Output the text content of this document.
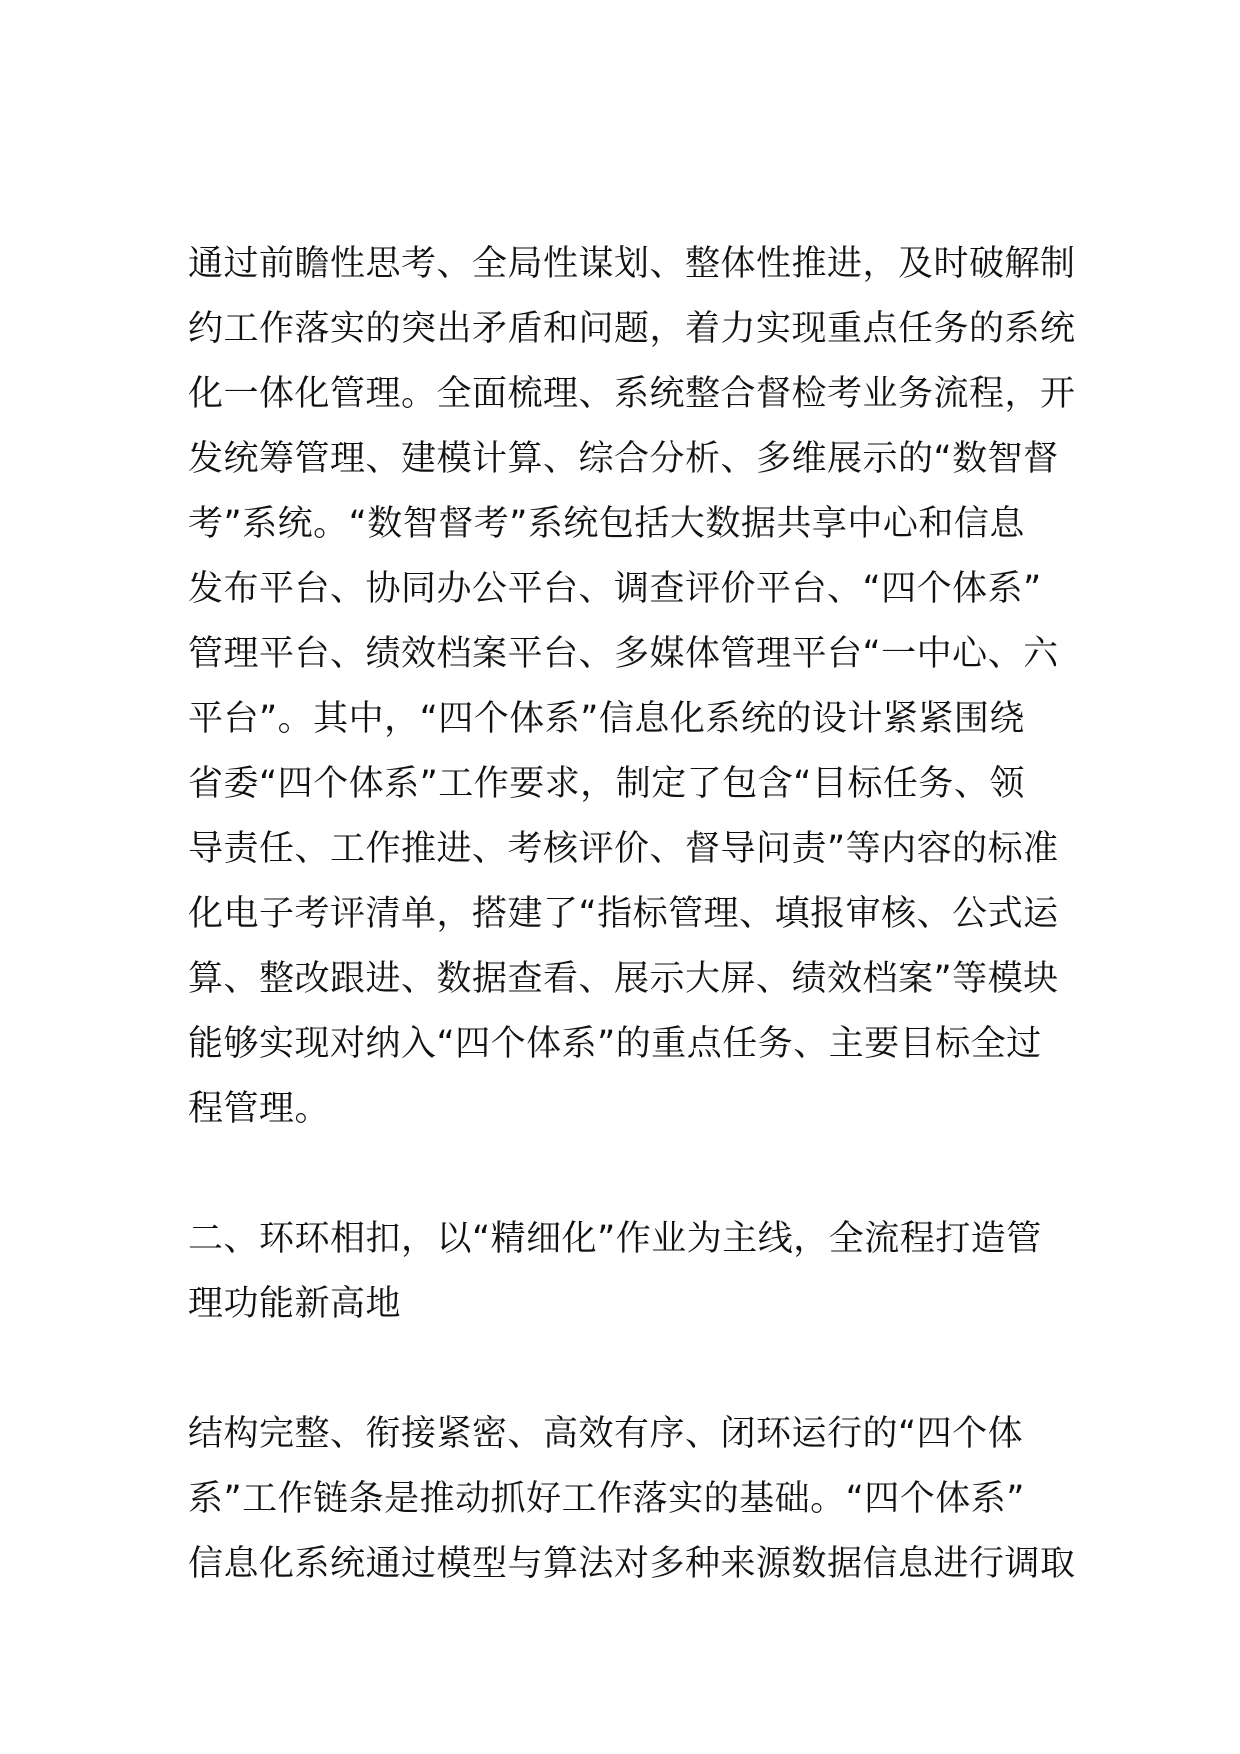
通过前瞻性思考、全局性谋划、整体性推进，及时破解制
约工作落实的突出矛盾和问题，着力实现重点任务的系统
化一体化管理。全面梳理、系统整合督检考业务流程，开
发统筹管理、建模计算、综合分析、多维展示的“数智督
考”系统。“数智督考”系统包括大数据共享中心和信息
发布平台、协同办公平台、调查评价平台、“四个体系”
管理平台、绩效档案平台、多媒体管理平台“一中心、六
平台”。其中，“四个体系”信息化系统的设计紧紧围绕
省委“四个体系”工作要求，制定了包含“目标任务、领
导责任、工作推进、考核评价、督导问责”等内容的标准
化电子考评清单，搭建了“指标管理、填报审核、公式运
算、整改跟进、数据查看、展示大屏、绩效档案”等模块
能够实现对纳入“四个体系”的重点任务、主要目标全过
程管理。
二、环环相扣，以“精细化”作业为主线，全流程打造管
理功能新高地
结构完整、衔接紧密、高效有序、闭环运行的“四个体
系”工作链条是推动抓好工作落实的基础。“四个体系”
信息化系统通过模型与算法对多种来源数据信息进行调取
